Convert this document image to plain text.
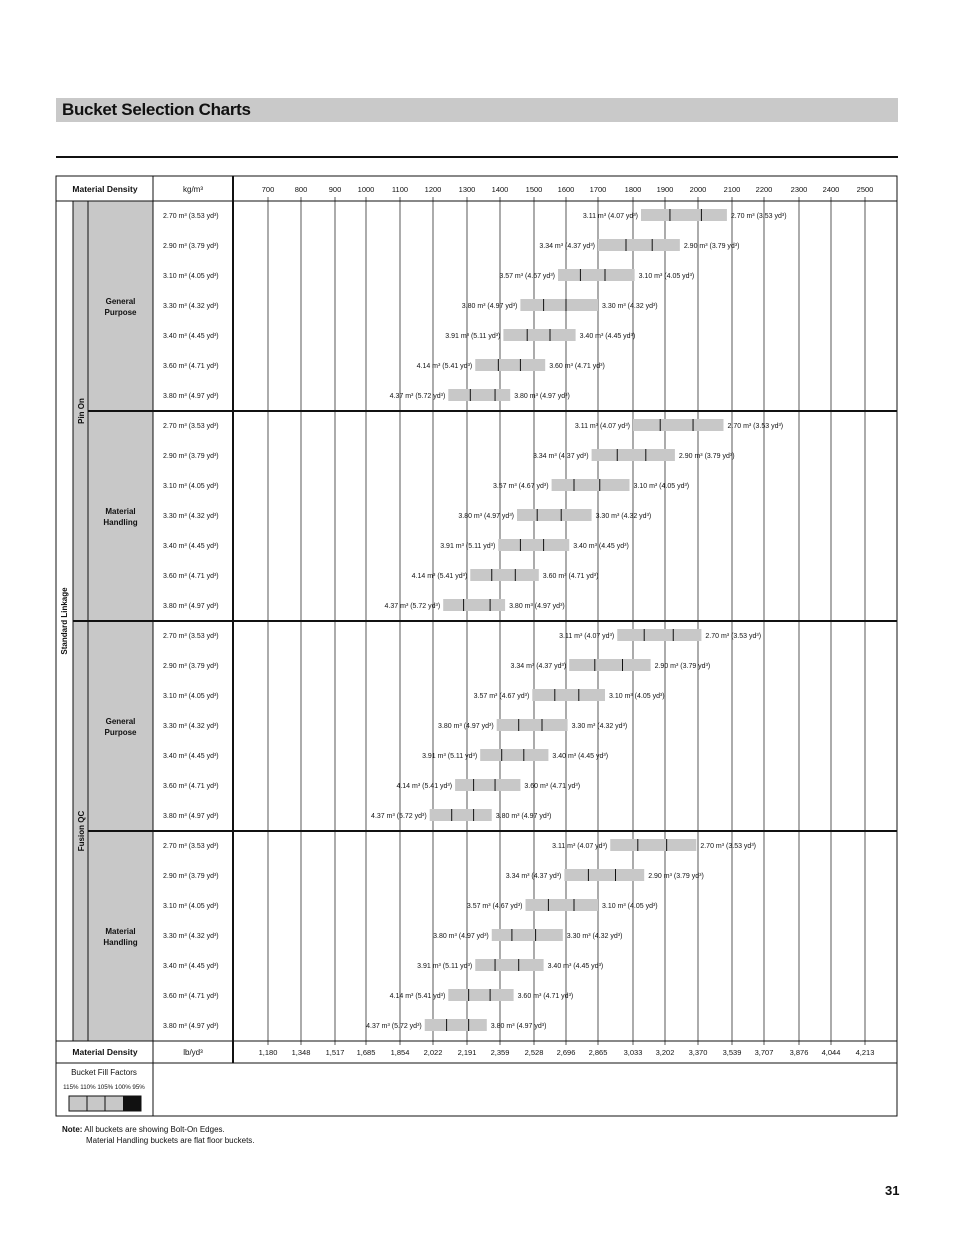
Bucket Selection Charts
Material Density	kg/m³
Material Density	lb/yd³
700	800	900 1000 1100 1200 1300 1400 1500 1600 1700 1800 1900 2000 2100 2200 2300 2400 2500
1,180 1,348 1,517 1,685 1,854 2,022 2,191 2,359 2,528 2,696 2,865 3,033 3,202 3,370 3,539 3,707 3,876 4,044 4,213
Standard Linkage
Pin On
General
Purpose
2.70 m³ (3.53 yd³)	3.11 m³ (4.07 yd³)	2.70 m³ (3.53 yd³)
2.90 m³ (3.79 yd³)	3.34 m³ (4.37 yd³)	2.90 m³ (3.79 yd³)
3.10 m³ (4.05 yd³)	3.57 m³ (4.67 yd³)	3.10 m³ (4.05 yd³)
3.30 m³ (4.32 yd³)	3.80 m³ (4.97 yd³)	3.30 m³ (4.32 yd³)
3.40 m³ (4.45 yd³)	3.91 m³ (5.11 yd³)	3.40 m³ (4.45 yd³)
3.60 m³ (4.71 yd³)	4.14 m³ (5.41 yd³)	3.60 m³ (4.71 yd³)
3.80 m³ (4.97 yd³)	4.37 m³ (5.72 yd³)	3.80 m³ (4.97 yd³)
Material
Handling
2.70 m³ (3.53 yd³)	3.11 m³ (4.07 yd³)	2.70 m³ (3.53 yd³)
2.90 m³ (3.79 yd³)	3.34 m³ (4.37 yd³)	2.90 m³ (3.79 yd³)
3.10 m³ (4.05 yd³)	3.57 m³ (4.67 yd³)	3.10 m³ (4.05 yd³)
3.30 m³ (4.32 yd³)	3.80 m³ (4.97 yd³)	3.30 m³ (4.32 yd³)
3.40 m³ (4.45 yd³)	3.91 m³ (5.11 yd³)	3.40 m³ (4.45 yd³)
3.60 m³ (4.71 yd³)	4.14 m³ (5.41 yd³)	3.60 m³ (4.71 yd³)
3.80 m³ (4.97 yd³)	4.37 m³ (5.72 yd³)	3.80 m³ (4.97 yd³)
Fusion QC
General
Purpose
2.70 m³ (3.53 yd³)	3.11 m³ (4.07 yd³)	2.70 m³ (3.53 yd³)
2.90 m³ (3.79 yd³)	3.34 m³ (4.37 yd³)	2.90 m³ (3.79 yd³)
3.10 m³ (4.05 yd³)	3.57 m³ (4.67 yd³)	3.10 m³ (4.05 yd³)
3.30 m³ (4.32 yd³)	3.80 m³ (4.97 yd³)	3.30 m³ (4.32 yd³)
3.40 m³ (4.45 yd³)	3.91 m³ (5.11 yd³)	3.40 m³ (4.45 yd³)
3.60 m³ (4.71 yd³)	4.14 m³ (5.41 yd³)	3.60 m³ (4.71 yd³)
3.80 m³ (4.97 yd³)	4.37 m³ (5.72 yd³)	3.80 m³ (4.97 yd³)
Material
Handling
2.70 m³ (3.53 yd³)	3.11 m³ (4.07 yd³)	2.70 m³ (3.53 yd³)
2.90 m³ (3.79 yd³)	3.34 m³ (4.37 yd³)	2.90 m³ (3.79 yd³)
3.10 m³ (4.05 yd³)	3.57 m³ (4.67 yd³)	3.10 m³ (4.05 yd³)
3.30 m³ (4.32 yd³)	3.80 m³ (4.97 yd³)	3.30 m³ (4.32 yd³)
3.40 m³ (4.45 yd³)	3.91 m³ (5.11 yd³)	3.40 m³ (4.45 yd³)
3.60 m³ (4.71 yd³)	4.14 m³ (5.41 yd³)	3.60 m³ (4.71 yd³)
3.80 m³ (4.97 yd³)	4.37 m³ (5.72 yd³)	3.80 m³ (4.97 yd³)
Bucket Fill Factors
115% 110% 105% 100% 95%
Note: All buckets are showing Bolt-On Edges.
Material Handling buckets are flat floor buckets.
31
